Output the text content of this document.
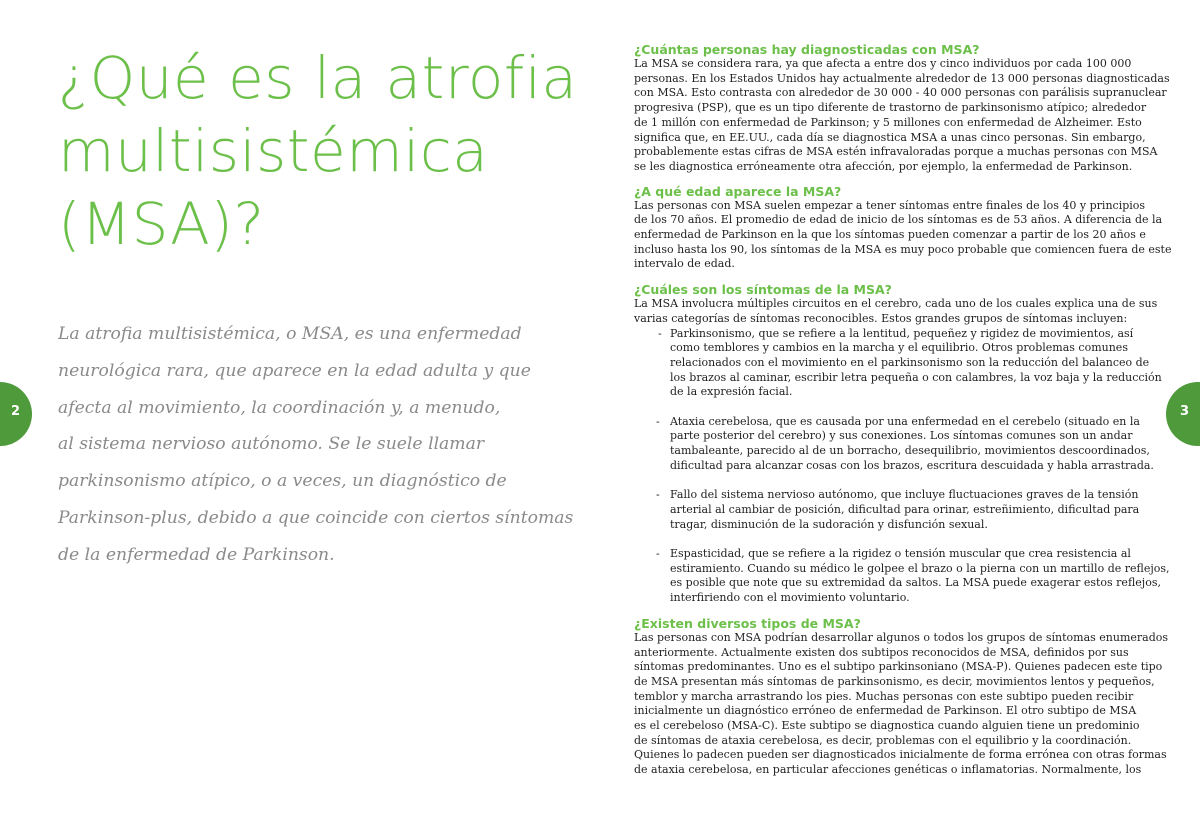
¿Qué es la atrofia
multisistémica
(MSA)?
La atrofia multisistémica, o MSA, es una enfermedad
neurológica rara, que aparece en la edad adulta y que
afecta al movimiento, la coordinación y, a menudo,
al sistema nervioso autónomo. Se le suele llamar
parkinsonismo atípico, o a veces, un diagnóstico de
Parkinson-plus, debido a que coincide con ciertos síntomas
de la enfermedad de Parkinson.
2	3
¿Cuántas personas hay diagnosticadas con MSA?
La MSA se considera rara, ya que afecta a entre dos y cinco individuos por cada 100 000
personas. En los Estados Unidos hay actualmente alrededor de 13 000 personas diagnosticadas
con MSA. Esto contrasta con alrededor de 30 000 - 40 000 personas con parálisis supranuclear
progresiva (PSP), que es un tipo diferente de trastorno de parkinsonismo atípico; alrededor
de 1 millón con enfermedad de Parkinson; y 5 millones con enfermedad de Alzheimer. Esto
significa que, en EE.UU., cada día se diagnostica MSA a unas cinco personas. Sin embargo,
probablemente estas cifras de MSA estén infravaloradas porque a muchas personas con MSA
se les diagnostica erróneamente otra afección, por ejemplo, la enfermedad de Parkinson.
¿A qué edad aparece la MSA?
Las personas con MSA suelen empezar a tener síntomas entre finales de los 40 y principios
de los 70 años. El promedio de edad de inicio de los síntomas es de 53 años. A diferencia de la
enfermedad de Parkinson en la que los síntomas pueden comenzar a partir de los 20 años e
incluso hasta los 90, los síntomas de la MSA es muy poco probable que comiencen fuera de este
intervalo de edad.
¿Cuáles son los síntomas de la MSA?
La MSA involucra múltiples circuitos en el cerebro, cada uno de los cuales explica una de sus
varias categorías de síntomas reconocibles. Estos grandes grupos de síntomas incluyen:
- Parkinsonismo, que se refiere a la lentitud, pequeñez y rigidez de movimientos, así
como temblores y cambios en la marcha y el equilibrio. Otros problemas comunes
relacionados con el movimiento en el parkinsonismo son la reducción del balanceo de
los brazos al caminar, escribir letra pequeña o con calambres, la voz baja y la reducción
de la expresión facial.
- Ataxia cerebelosa, que es causada por una enfermedad en el cerebelo (situado en la
parte posterior del cerebro) y sus conexiones. Los síntomas comunes son un andar
tambaleante, parecido al de un borracho, desequilibrio, movimientos descoordinados,
dificultad para alcanzar cosas con los brazos, escritura descuidada y habla arrastrada.
- Fallo del sistema nervioso autónomo, que incluye fluctuaciones graves de la tensión
arterial al cambiar de posición, dificultad para orinar, estreñimiento, dificultad para
tragar, disminución de la sudoración y disfunción sexual.
- Espasticidad, que se refiere a la rigidez o tensión muscular que crea resistencia al
estiramiento. Cuando su médico le golpee el brazo o la pierna con un martillo de reflejos,
es posible que note que su extremidad da saltos. La MSA puede exagerar estos reflejos,
interfiriendo con el movimiento voluntario.
¿Existen diversos tipos de MSA?
Las personas con MSA podrían desarrollar algunos o todos los grupos de síntomas enumerados
anteriormente. Actualmente existen dos subtipos reconocidos de MSA, definidos por sus
síntomas predominantes. Uno es el subtipo parkinsoniano (MSA-P). Quienes padecen este tipo
de MSA presentan más síntomas de parkinsonismo, es decir, movimientos lentos y pequeños,
temblor y marcha arrastrando los pies. Muchas personas con este subtipo pueden recibir
inicialmente un diagnóstico erróneo de enfermedad de Parkinson. El otro subtipo de MSA
es el cerebeloso (MSA-C). Este subtipo se diagnostica cuando alguien tiene un predominio
de síntomas de ataxia cerebelosa, es decir, problemas con el equilibrio y la coordinación.
Quienes lo padecen pueden ser diagnosticados inicialmente de forma errónea con otras formas
de ataxia cerebelosa, en particular afecciones genéticas o inflamatorias. Normalmente, los
